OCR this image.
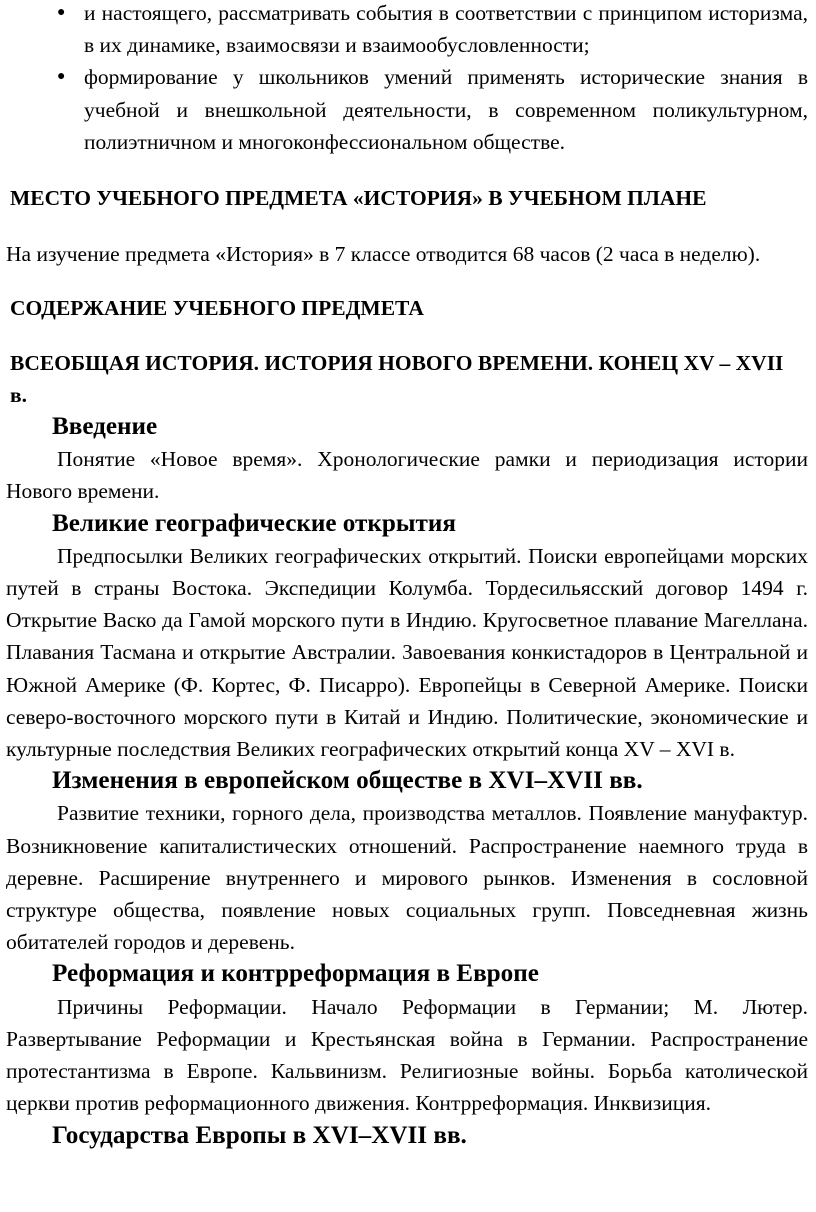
● и настоящего, рассматривать события в соответствии с принципом историзма, в их динамике, взаимосвязи и взаимообусловленности;
● формирование у школьников умений применять исторические знания в учебной и внешкольной деятельности, в современном поликультурном, полиэтничном и многоконфессиональном обществе.
МЕСТО УЧЕБНОГО ПРЕДМЕТА «ИСТОРИЯ» В УЧЕБНОМ ПЛАНЕ

На изучение предмета «История» в 7 классе отводится 68 часов (2 часа в неделю).

СОДЕРЖАНИЕ УЧЕБНОГО ПРЕДМЕТА
ВСЕОБЩАЯ ИСТОРИЯ. ИСТОРИЯ НОВОГО ВРЕМЕНИ. КОНЕЦ XV – XVII в.
Введение

Понятие «Новое время». Хронологические рамки и периодизация истории Нового времени.

Великие географические открытия

Предпосылки Великих географических открытий. Поиски европейцами морских путей в страны Востока. Экспедиции Колумба. Тордесильясский договор 1494 г. Открытие Васко да Гамой морского пути в Индию. Кругосветное плавание Магеллана. Плавания Тасмана и открытие Австралии. Завоевания конкистадоров в Центральной и Южной Америке (Ф. Кортес, Ф. Писарро). Европейцы в Северной Америке. Поиски северо-восточного морского пути в Китай и Индию. Политические, экономические и культурные последствия Великих географических открытий конца XV – XVI в.

Изменения в европейском обществе в XVI–XVII вв.

Развитие техники, горного дела, производства металлов. Появление мануфактур. Возникновение капиталистических отношений. Распространение наемного труда в деревне. Расширение внутреннего и мирового рынков. Изменения в сословной структуре общества, появление новых социальных групп. Повседневная жизнь обитателей городов и деревень.

Реформация и контрреформация в Европе

Причины Реформации. Начало Реформации в Германии; М. Лютер. Развертывание Реформации и Крестьянская война в Германии. Распространение протестантизма в Европе. Кальвинизм. Религиозные войны. Борьба католической церкви против реформационного движения. Контрреформация. Инквизиция.

Государства Европы в XVI–XVII вв.
